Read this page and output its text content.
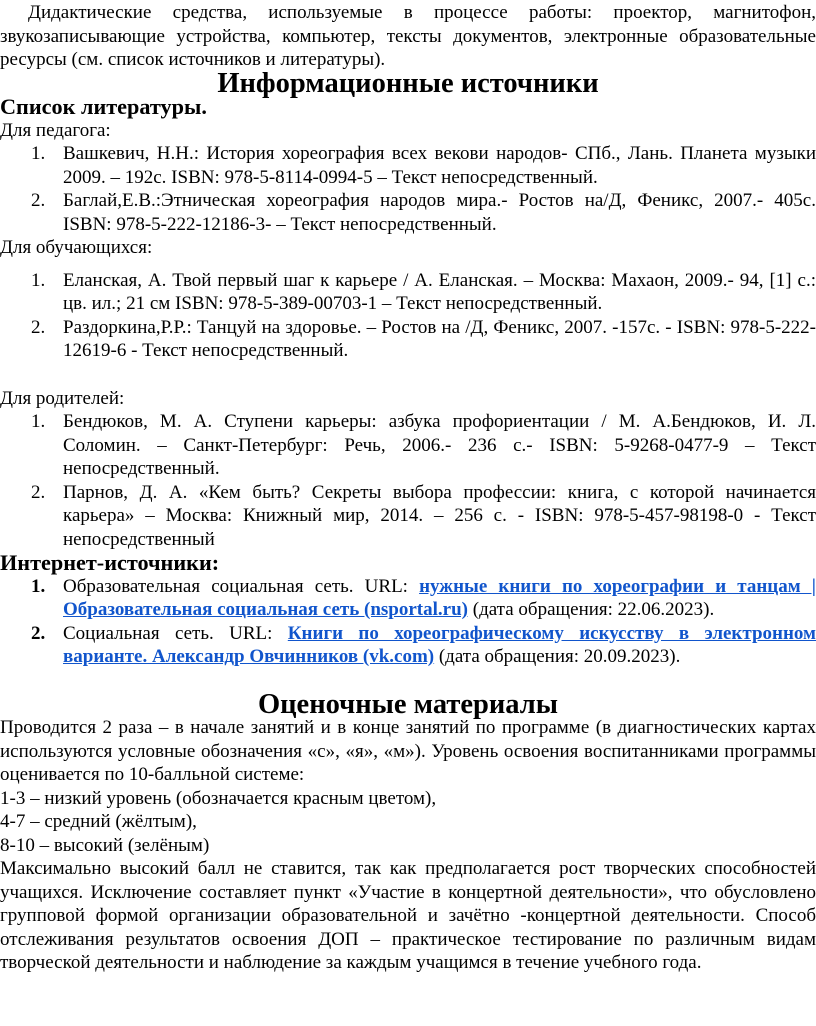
Дидактические средства, используемые в процессе работы: проектор, магнитофон, звукозаписывающие устройства, компьютер, тексты документов, электронные образовательные ресурсы (см. список источников и литературы).

Информационные источники
Список литературы.

Для педагога:

1. Вашкевич, Н.Н.: История хореография всех векови народов- СПб., Лань. Планета музыки 2009. – 192с. ISBN: 978-5-8114-0994-5 – Текст непосредственный.
2. Баглай,Е.В.:Этническая хореография народов мира.- Ростов на/Д, Феникс, 2007.- 405с. ISBN: 978-5-222-12186-3- – Текст непосредственный.

Для обучающихся:

1. Еланская, А. Твой первый шаг к карьере / А. Еланская. – Москва: Махаон, 2009.- 94, [1] с.: цв. ил.; 21 см ISBN: 978-5-389-00703-1 – Текст непосредственный.
2. Раздоркина,Р.Р.: Танцуй на здоровье. – Ростов на /Д, Феникс, 2007. -157с. - ISBN: 978-5-222-12619-6 - Текст непосредственный.

Для родителей:

1. Бендюков, М. А. Ступени карьеры: азбука профориентации / М. А.Бендюков, И. Л. Соломин. – Санкт-Петербург: Речь, 2006.- 236 с.- ISBN: 5-9268-0477-9 – Текст непосредственный.
2. Парнов, Д. А. «Кем быть? Секреты выбора профессии: книга, с которой начинается карьера» – Москва: Книжный мир, 2014. – 256 с. - ISBN: 978-5-457-98198-0 - Текст непосредственный
Интернет-источники:
1. Образовательная социальная сеть. URL: нужные книги по хореографии и танцам | Образовательная социальная сеть (nsportal.ru) (дата обращения: 22.06.2023).
2. Социальная сеть. URL: Книги по хореографическому искусству в электронном варианте. Александр Овчинников (vk.com) (дата обращения: 20.09.2023).
Оценочные материалы

Проводится 2 раза – в начале занятий и в конце занятий по программе (в диагностических картах используются условные обозначения «с», «я», «м»). Уровень освоения воспитанниками программы оценивается по 10-балльной системе:

1-3 – низкий уровень (обозначается красным цветом),

4-7 – средний (жёлтым),

8-10 – высокий (зелёным)

Максимально высокий балл не ставится, так как предполагается рост творческих способностей учащихся. Исключение составляет пункт «Участие в концертной деятельности», что обусловлено групповой формой организации образовательной и зачётно -концертной деятельности. Способ отслеживания результатов освоения ДОП – практическое тестирование по различным видам творческой деятельности и наблюдение за каждым учащимся в течение учебного года.
